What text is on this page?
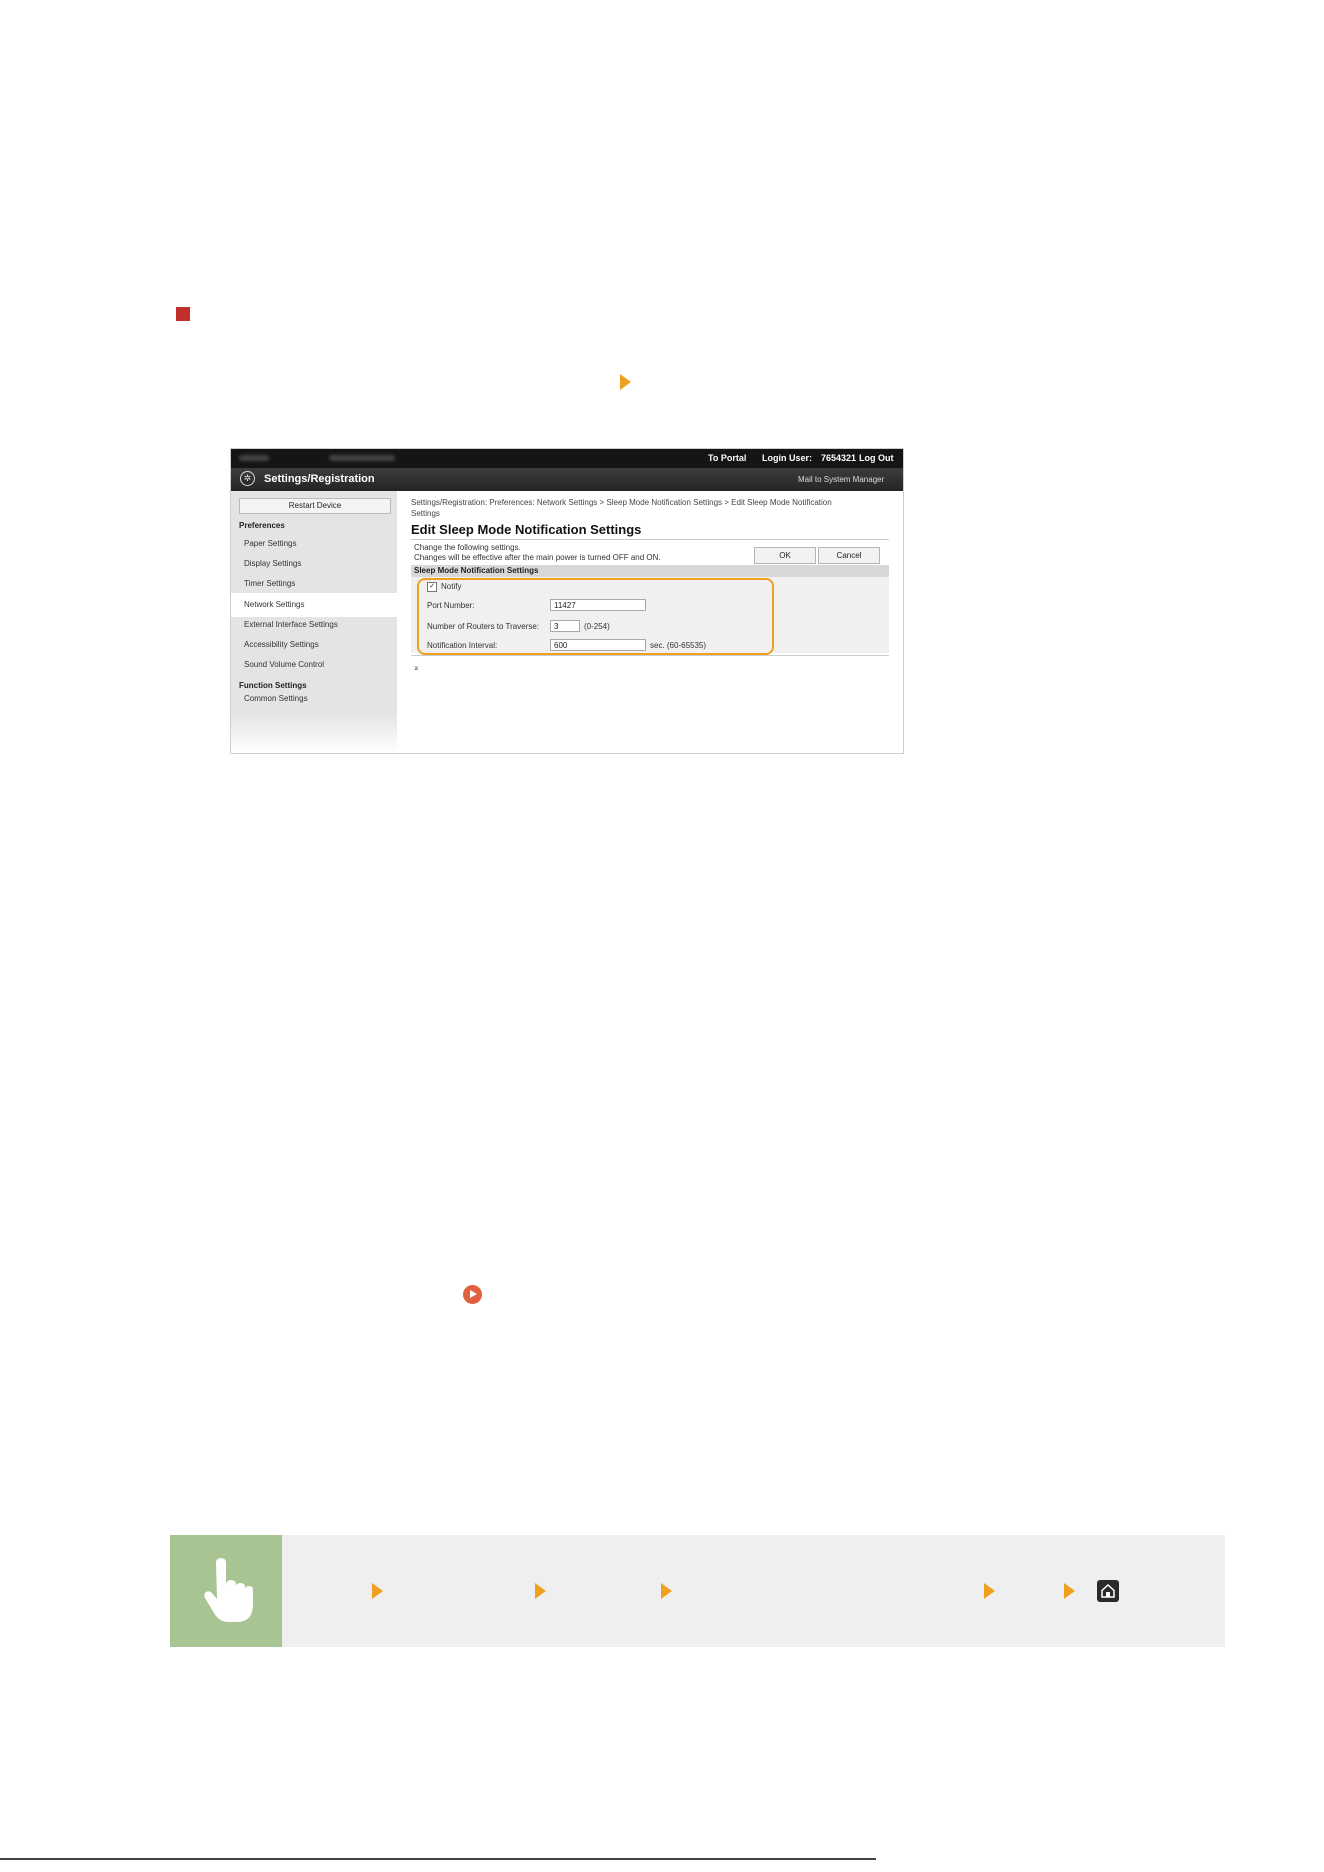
To Portal Login User: 7654321 Log Out
✲	Settings/Registration	Mail to System Manager
Restart Device
Preferences
Paper Settings
Display Settings
Timer Settings
Network Settings
External Interface Settings
Accessibility Settings
Sound Volume Control
Function Settings
Common Settings
Settings/Registration: Preferences: Network Settings > Sleep Mode Notification Settings > Edit Sleep Mode Notification Settings
Edit Sleep Mode Notification Settings
Change the following settings.
Changes will be effective after the main power is turned OFF and ON.	OK	Cancel
Sleep Mode Notification Settings
✓ Notify
Port Number:	11427
Number of Routers to Traverse:	3	(0-254)
Notification Interval:	600	sec. (60-65535)
⌅
